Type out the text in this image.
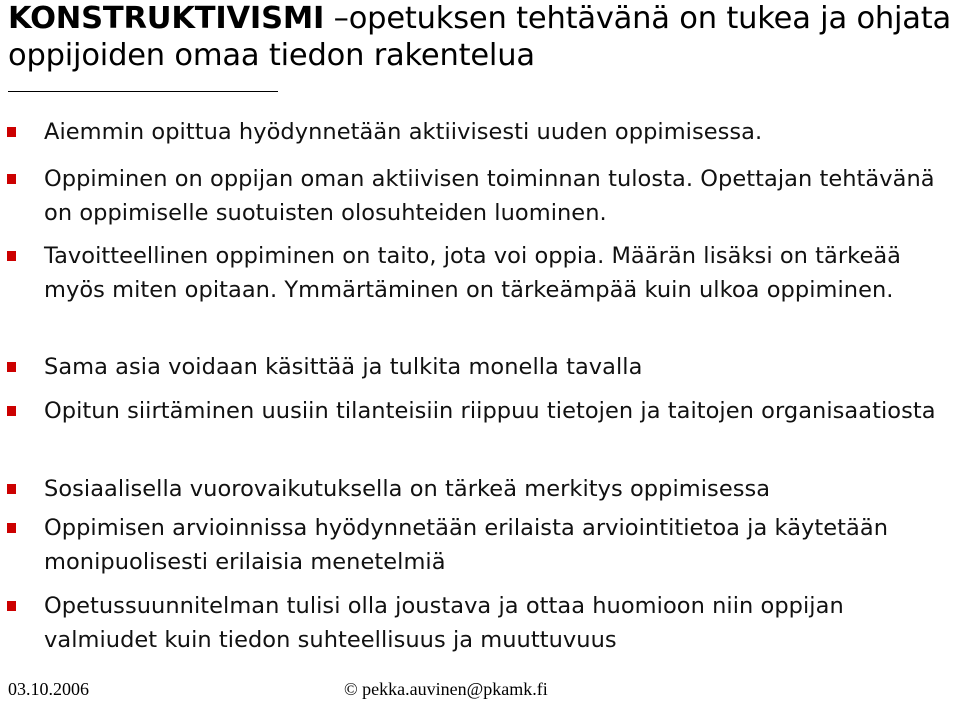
KONSTRUKTIVISMI –opetuksen tehtävänä on tukea ja ohjata oppijoiden omaa tiedon rakentelua
Aiemmin opittua hyödynnetään aktiivisesti uuden oppimisessa.
Oppiminen on oppijan oman aktiivisen toiminnan tulosta. Opettajan tehtävänä on oppimiselle suotuisten olosuhteiden luominen.
Tavoitteellinen oppiminen on taito, jota voi oppia. Määrän lisäksi on tärkeää myös miten opitaan. Ymmärtäminen on tärkeämpää kuin ulkoa oppiminen.
Sama asia voidaan käsittää ja tulkita monella tavalla
Opitun siirtäminen uusiin tilanteisiin riippuu tietojen ja taitojen organisaatiosta
Sosiaalisella vuorovaikutuksella on tärkeä merkitys oppimisessa
Oppimisen arvioinnissa hyödynnetään erilaista arviointitietoa ja käytetään monipuolisesti erilaisia menetelmiä
Opetussuunnitelman tulisi olla joustava ja ottaa huomioon niin oppijan valmiudet kuin tiedon suhteellisuus ja muuttuvuus
03.10.2006	© pekka.auvinen@pkamk.fi
